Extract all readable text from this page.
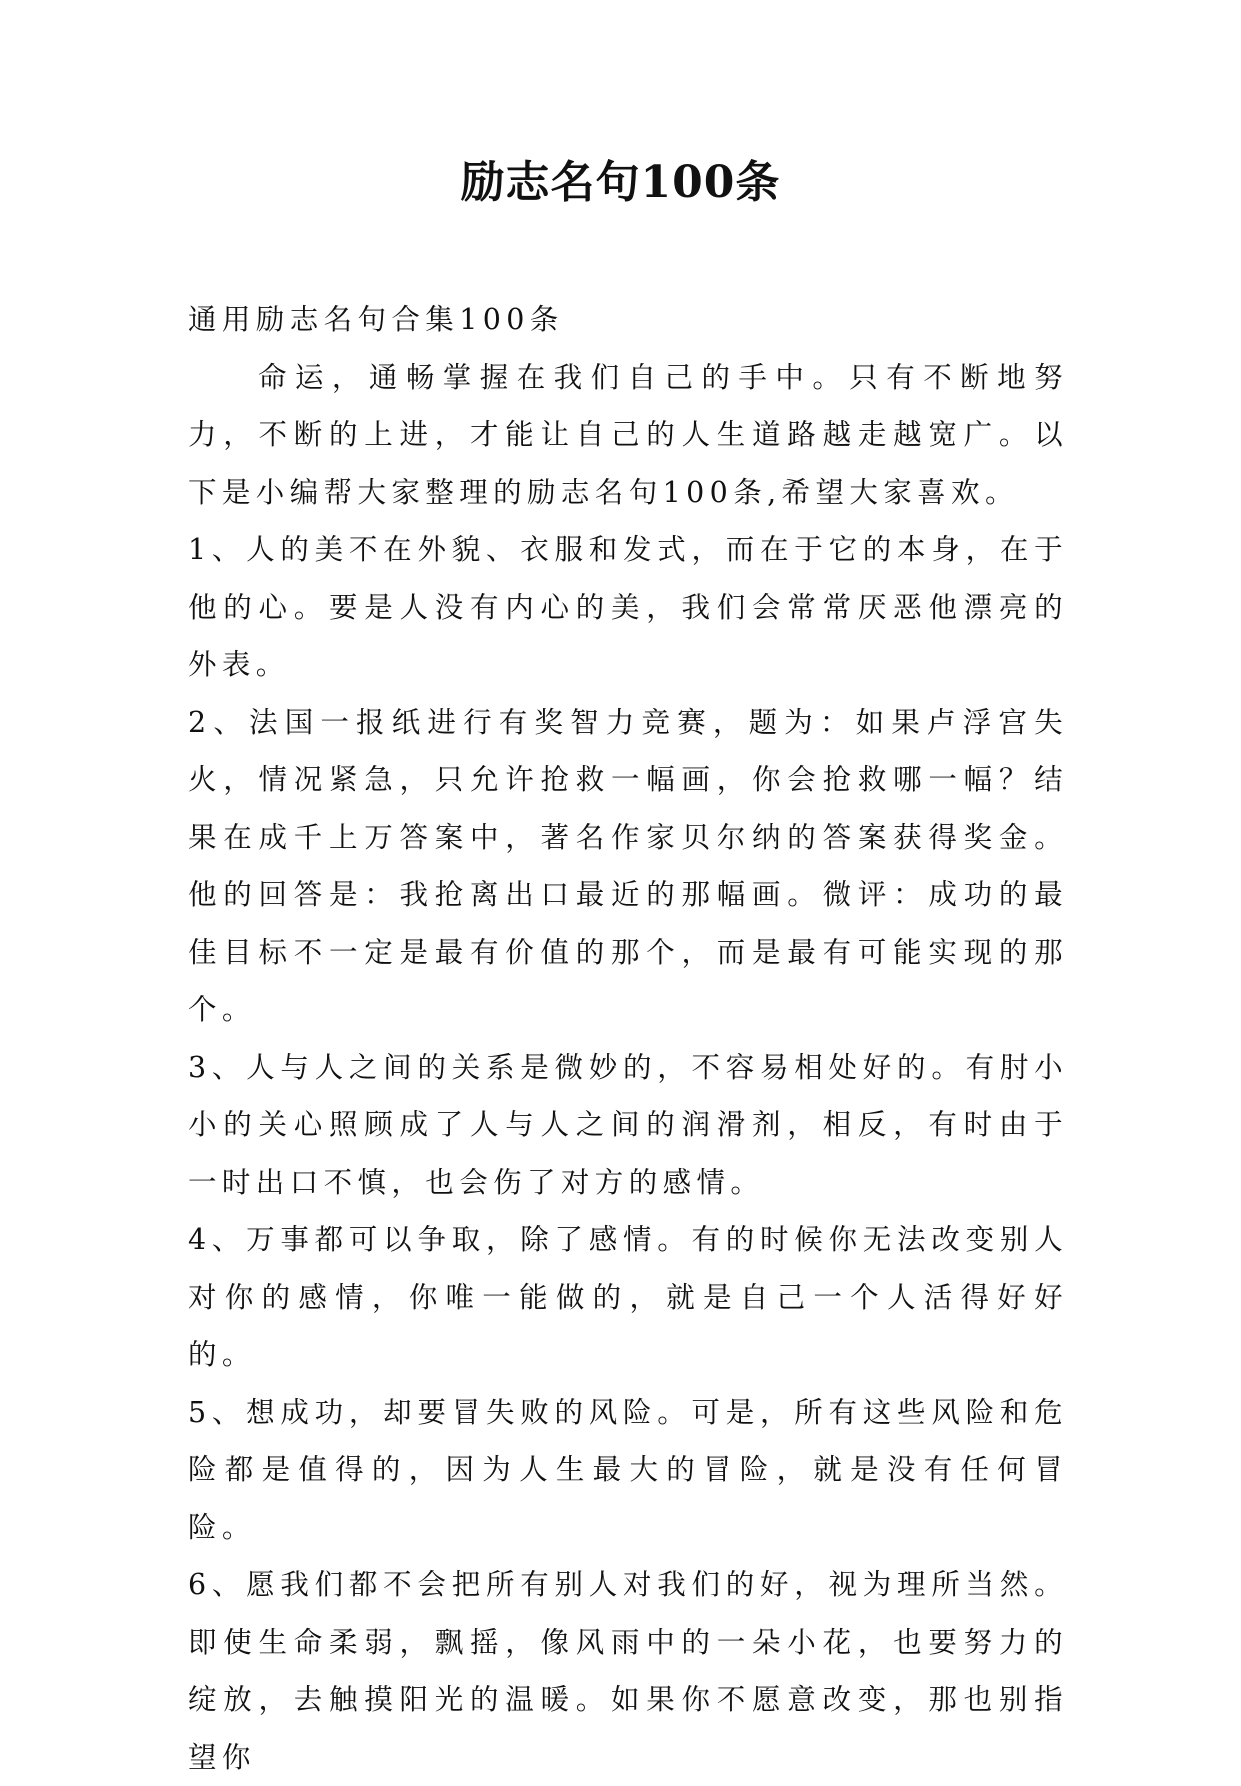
励志名句100条

通用励志名句合集100条

命运，通畅掌握在我们自己的手中。只有不断地努力，不断的上进，才能让自己的人生道路越走越宽广。以下是小编帮大家整理的励志名句100条,希望大家喜欢。

1、人的美不在外貌、衣服和发式，而在于它的本身，在于他的心。要是人没有内心的美，我们会常常厌恶他漂亮的外表。

2、法国一报纸进行有奖智力竞赛，题为：如果卢浮宫失火，情况紧急，只允许抢救一幅画，你会抢救哪一幅？结果在成千上万答案中，著名作家贝尔纳的答案获得奖金。他的回答是：我抢离出口最近的那幅画。微评：成功的最佳目标不一定是最有价值的那个，而是最有可能实现的那个。

3、人与人之间的关系是微妙的，不容易相处好的。有肘小小的关心照顾成了人与人之间的润滑剂，相反，有时由于一时出口不慎，也会伤了对方的感情。

4、万事都可以争取，除了感情。有的时候你无法改变别人对你的感情，你唯一能做的，就是自己一个人活得好好的。

5、想成功，却要冒失败的风险。可是，所有这些风险和危险都是值得的，因为人生最大的冒险，就是没有任何冒险。

6、愿我们都不会把所有别人对我们的好，视为理所当然。即使生命柔弱，飘摇，像风雨中的一朵小花，也要努力的绽放，去触摸阳光的温暖。如果你不愿意改变，那也别指望你
